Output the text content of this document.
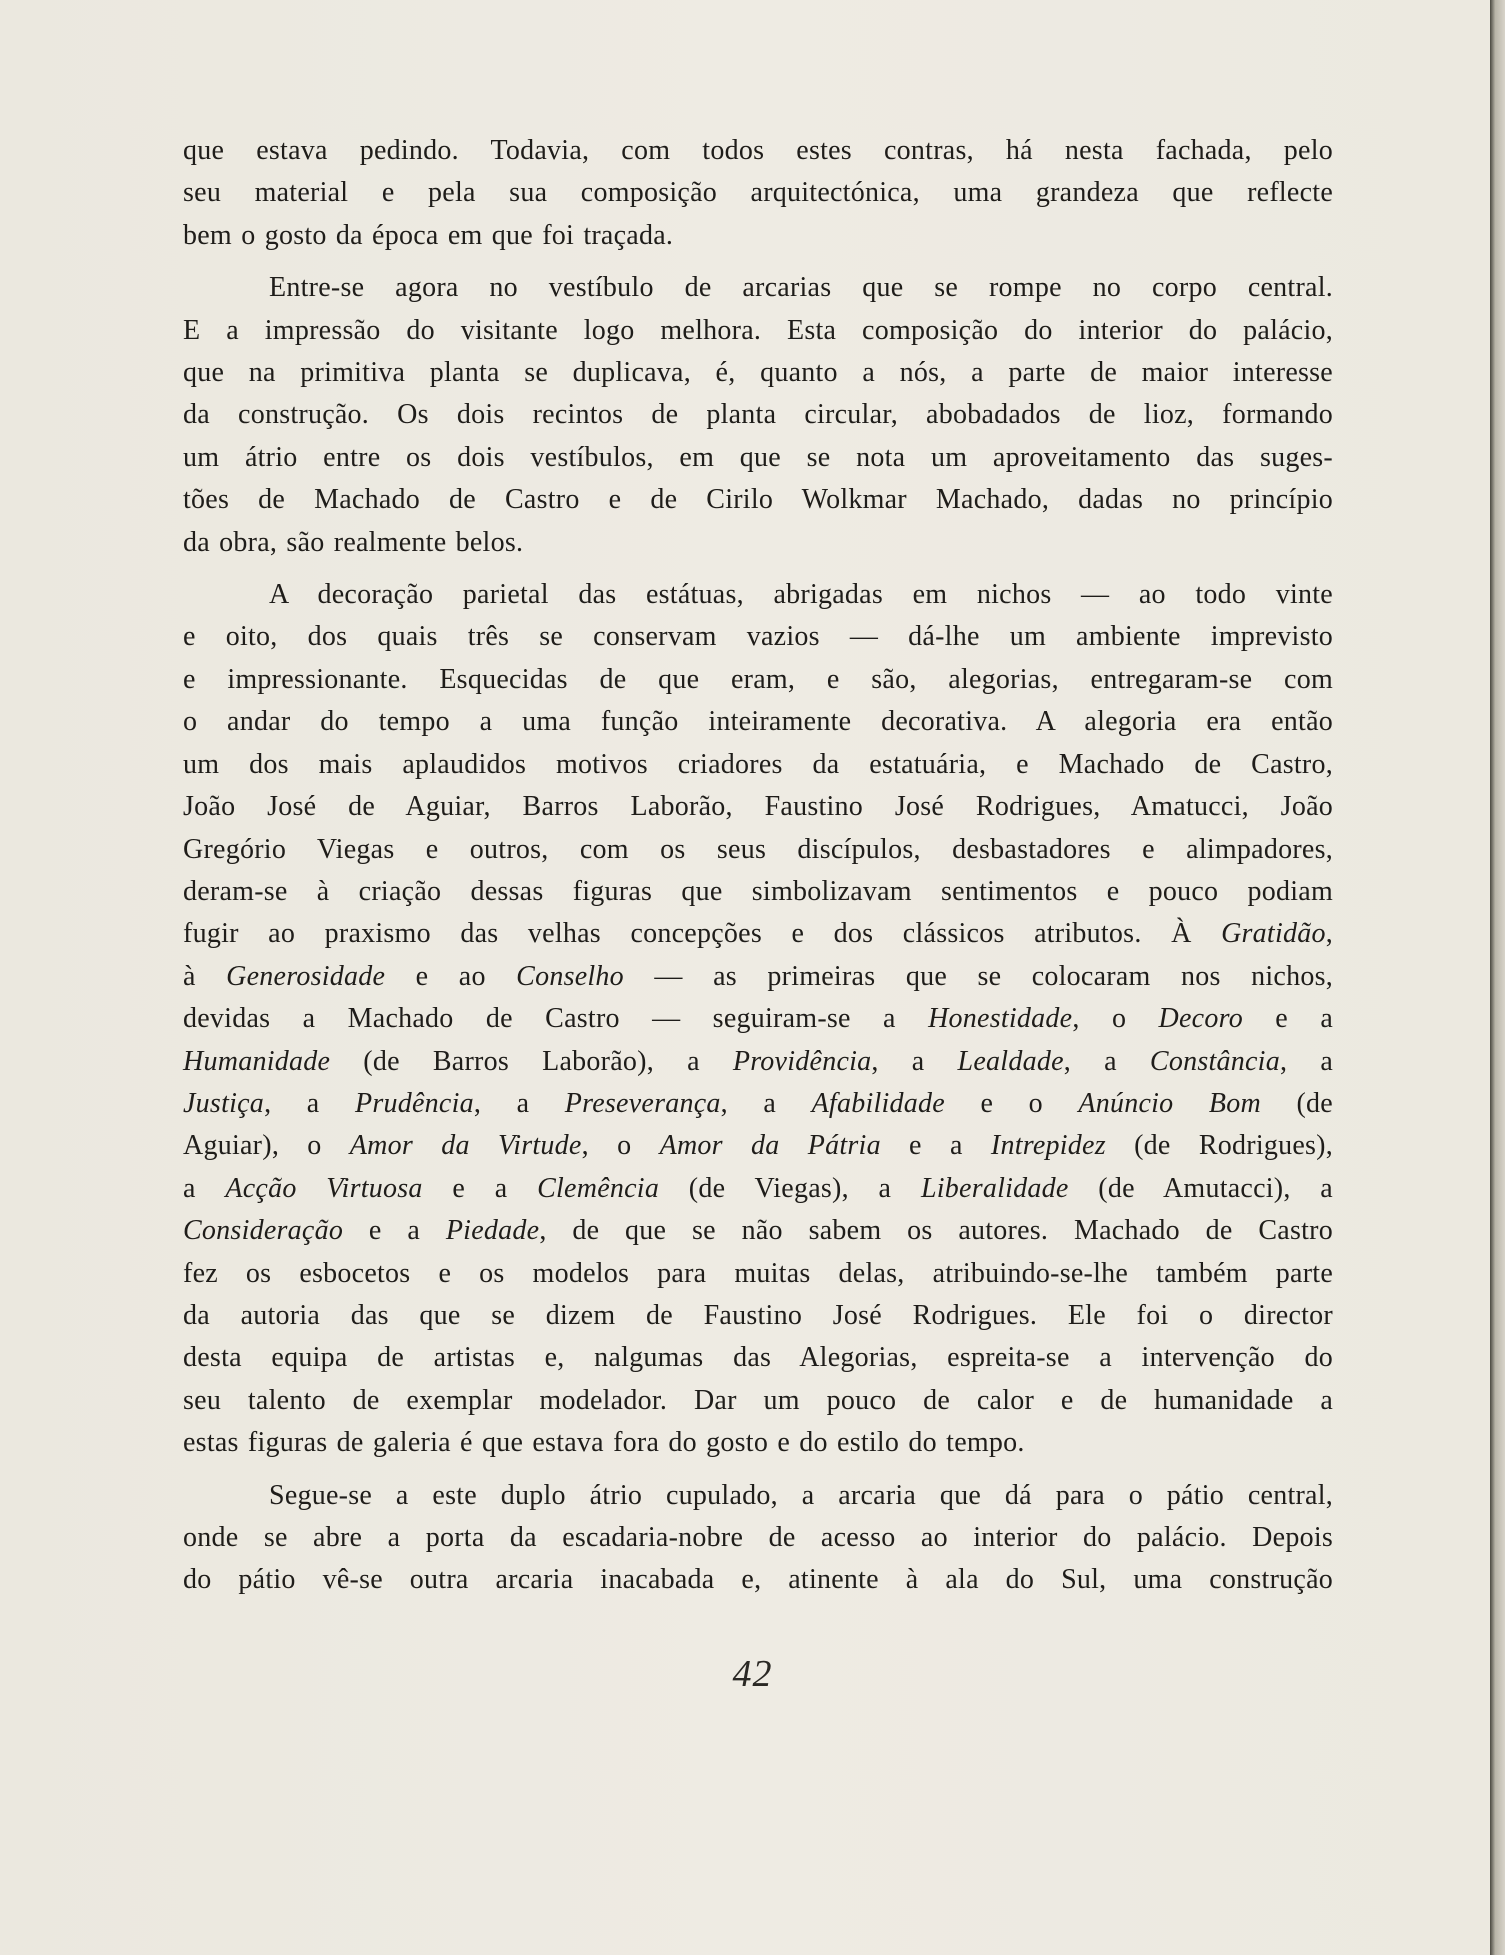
que estava pedindo. Todavia, com todos estes contras, há nesta fachada, pelo

seu material e pela sua composição arquitectónica, uma grandeza que reflecte

bem o gosto da época em que foi traçada.

Entre-se agora no vestíbulo de arcarias que se rompe no corpo central.

E a impressão do visitante logo melhora. Esta composição do interior do palácio,

que na primitiva planta se duplicava, é, quanto a nós, a parte de maior interesse

da construção. Os dois recintos de planta circular, abobadados de lioz, formando

um átrio entre os dois vestíbulos, em que se nota um aproveitamento das suges-

tões de Machado de Castro e de Cirilo Wolkmar Machado, dadas no princípio

da obra, são realmente belos.

A decoração parietal das estátuas, abrigadas em nichos — ao todo vinte

e oito, dos quais três se conservam vazios — dá-lhe um ambiente imprevisto

e impressionante. Esquecidas de que eram, e são, alegorias, entregaram-se com

o andar do tempo a uma função inteiramente decorativa. A alegoria era então

um dos mais aplaudidos motivos criadores da estatuária, e Machado de Castro,

João José de Aguiar, Barros Laborão, Faustino José Rodrigues, Amatucci, João

Gregório Viegas e outros, com os seus discípulos, desbastadores e alimpadores,

deram-se à criação dessas figuras que simbolizavam sentimentos e pouco podiam

fugir ao praxismo das velhas concepções e dos clássicos atributos. À Gratidão,

à Generosidade e ao Conselho — as primeiras que se colocaram nos nichos,

devidas a Machado de Castro — seguiram-se a Honestidade, o Decoro e a

Humanidade (de Barros Laborão), a Providência, a Lealdade, a Constância, a

Justiça, a Prudência, a Preseverança, a Afabilidade e o Anúncio Bom (de

Aguiar), o Amor da Virtude, o Amor da Pátria e a Intrepidez (de Rodrigues),

a Acção Virtuosa e a Clemência (de Viegas), a Liberalidade (de Amutacci), a

Consideração e a Piedade, de que se não sabem os autores. Machado de Castro

fez os esbocetos e os modelos para muitas delas, atribuindo-se-lhe também parte

da autoria das que se dizem de Faustino José Rodrigues. Ele foi o director

desta equipa de artistas e, nalgumas das Alegorias, espreita-se a intervenção do

seu talento de exemplar modelador. Dar um pouco de calor e de humanidade a

estas figuras de galeria é que estava fora do gosto e do estilo do tempo.

Segue-se a este duplo átrio cupulado, a arcaria que dá para o pátio central,

onde se abre a porta da escadaria-nobre de acesso ao interior do palácio. Depois

do pátio vê-se outra arcaria inacabada e, atinente à ala do Sul, uma construção

42
